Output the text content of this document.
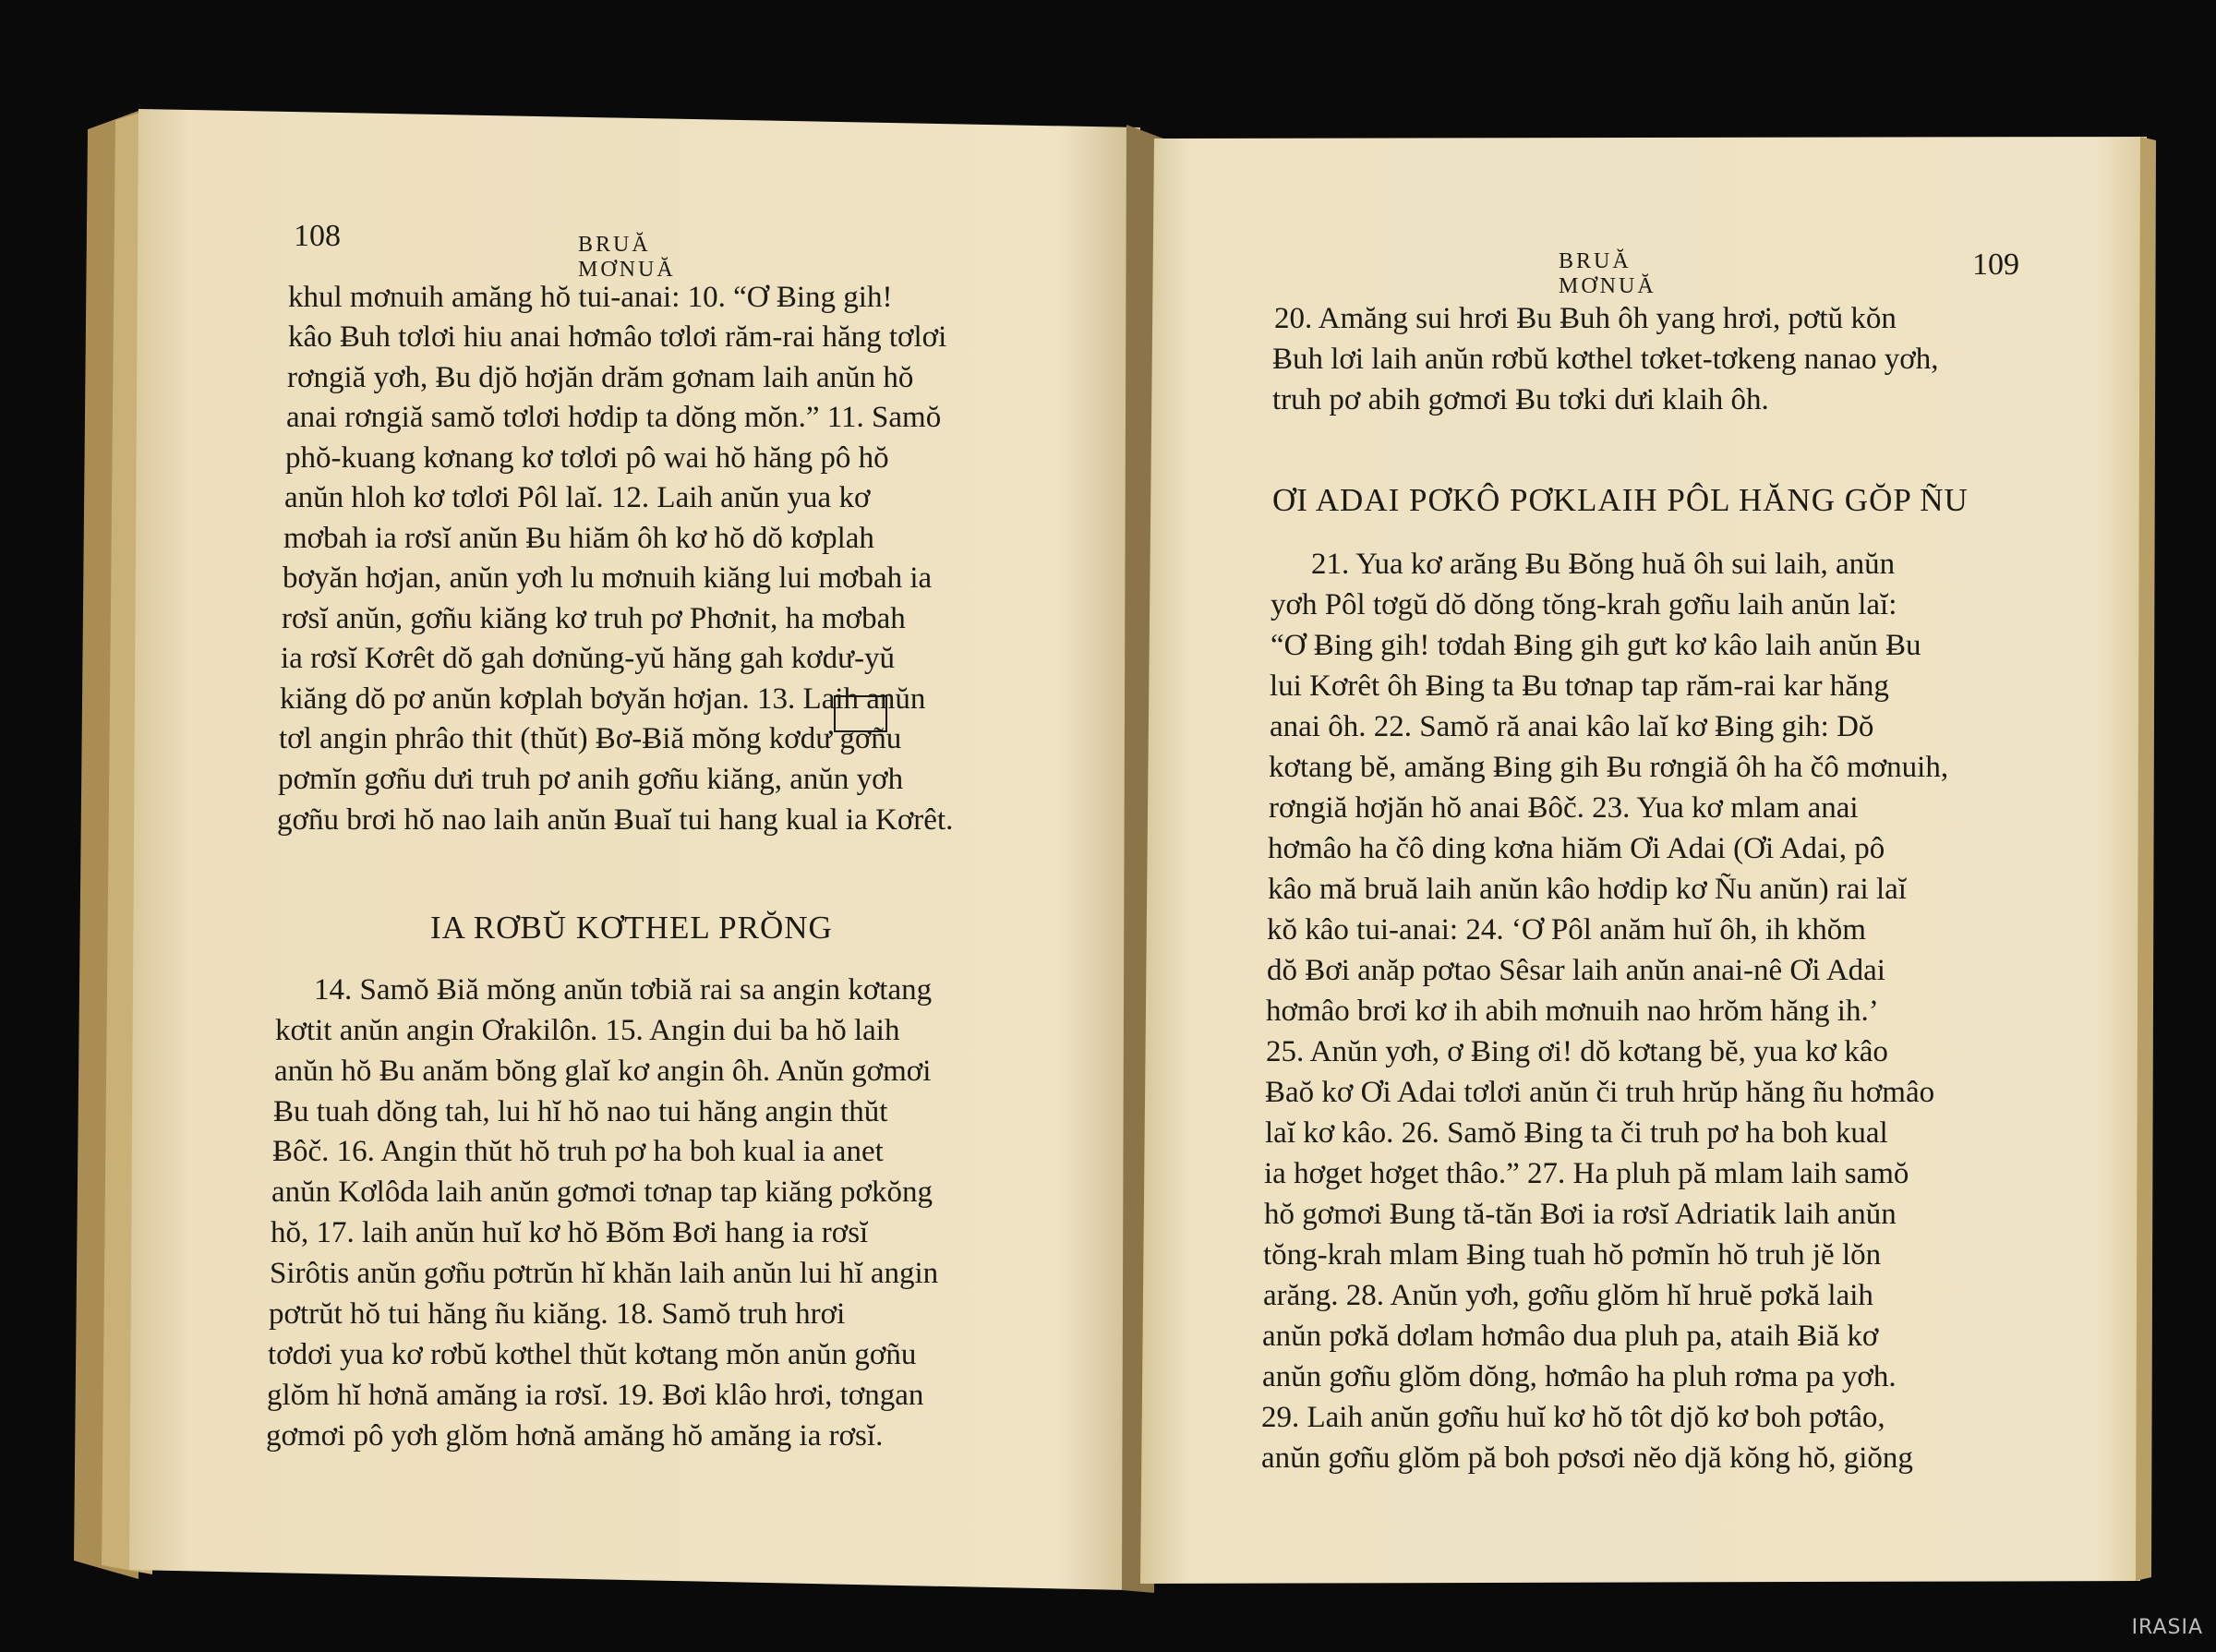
108	BRUĂ MƠNUĂ
khul mơnuih amăng hŏ tui-anai: 10. “Ơ Ƀing gih!
kâo Ƀuh tơlơi hiu anai hơmâo tơlơi răm-rai hăng tơlơi
rơngiă yơh, Ƀu djŏ hơjăn drăm gơnam laih anŭn hŏ
anai rơngiă samŏ tơlơi hơdip ta dŏng mŏn.” 11. Samŏ
phŏ-kuang kơnang kơ tơlơi pô wai hŏ hăng pô hŏ
anŭn hloh kơ tơlơi Pôl laĭ. 12. Laih anŭn yua kơ
mơbah ia rơsĭ anŭn Ƀu hiăm ôh kơ hŏ dŏ kơplah
bơyăn hơjan, anŭn yơh lu mơnuih kiăng lui mơbah ia
rơsĭ anŭn, gơñu kiăng kơ truh pơ Phơnit, ha mơbah
ia rơsĭ Kơrêt dŏ gah dơnŭng-yŭ hăng gah kơdư-yŭ
kiăng dŏ pơ anŭn kơplah bơyăn hơjan. 13. Laih anŭn
tơl angin phrâo thit (thŭt) Ƀơ-Ƀiă mŏng kơdư gơñu
pơmĭn gơñu dưi truh pơ anih gơñu kiăng, anŭn yơh
gơñu brơi hŏ nao laih anŭn Ƀuaĭ tui hang kual ia Kơrêt.
IA RƠBŬ KƠTHEL PRŎNG
14. Samŏ Ƀiă mŏng anŭn tơbiă rai sa angin kơtang
kơtit anŭn angin Ơrakilôn. 15. Angin dui ba hŏ laih
anŭn hŏ Ƀu anăm bŏng glaĭ kơ angin ôh. Anŭn gơmơi
Ƀu tuah dŏng tah, lui hĭ hŏ nao tui hăng angin thŭt
Ƀôč. 16. Angin thŭt hŏ truh pơ ha boh kual ia anet
anŭn Kơlôda laih anŭn gơmơi tơnap tap kiăng pơkŏng
hŏ, 17. laih anŭn huĭ kơ hŏ Ƀŏm Ƀơi hang ia rơsĭ
Sirôtis anŭn gơñu pơtrŭn hĭ khăn laih anŭn lui hĭ angin
pơtrŭt hŏ tui hăng ñu kiăng. 18. Samŏ truh hrơi
tơdơi yua kơ rơbŭ kơthel thŭt kơtang mŏn anŭn gơñu
glŏm hĭ hơnă amăng ia rơsĭ. 19. Ƀơi klâo hrơi, tơngan
gơmơi pô yơh glŏm hơnă amăng hŏ amăng ia rơsĭ.
BRUĂ MƠNUĂ
109
20. Amăng sui hrơi Ƀu Ƀuh ôh yang hrơi, pơtŭ kŏn
Ƀuh lơi laih anŭn rơbŭ kơthel tơket-tơkeng nanao yơh,
truh pơ abih gơmơi Ƀu tơki dưi klaih ôh.
ƠI ADAI PƠKÔ PƠKLAIH PÔL HĂNG GŎP ÑU
21. Yua kơ arăng Ƀu Ƀŏng huă ôh sui laih, anŭn
yơh Pôl tơgŭ dŏ dŏng tŏng-krah gơñu laih anŭn laĭ:
“Ơ Ƀing gih! tơdah Ƀing gih gưt kơ kâo laih anŭn Ƀu
lui Kơrêt ôh Ƀing ta Ƀu tơnap tap răm-rai kar hăng
anai ôh. 22. Samŏ ră anai kâo laĭ kơ Ƀing gih: Dŏ
kơtang bĕ, amăng Ƀing gih Ƀu rơngiă ôh ha čô mơnuih,
rơngiă hơjăn hŏ anai Ƀôč. 23. Yua kơ mlam anai
hơmâo ha čô ding kơna hiăm Ơi Adai (Ơi Adai, pô
kâo mă bruă laih anŭn kâo hơdip kơ Ñu anŭn) rai laĭ
kŏ kâo tui-anai: 24. ‘Ơ Pôl anăm huĭ ôh, ih khŏm
dŏ Ƀơi anăp pơtao Sêsar laih anŭn anai-nê Ơi Adai
hơmâo brơi kơ ih abih mơnuih nao hrŏm hăng ih.’
25. Anŭn yơh, ơ Ƀing ơi! dŏ kơtang bĕ, yua kơ kâo
Ƀaŏ kơ Ơi Adai tơlơi anŭn či truh hrŭp hăng ñu hơmâo
laĭ kơ kâo. 26. Samŏ Ƀing ta či truh pơ ha boh kual
ia hơget hơget thâo.” 27. Ha pluh pă mlam laih samŏ
hŏ gơmơi Ƀung tă-tăn Ƀơi ia rơsĭ Adriatik laih anŭn
tŏng-krah mlam Ƀing tuah hŏ pơmĭn hŏ truh jĕ lŏn
arăng. 28. Anŭn yơh, gơñu glŏm hĭ hruĕ pơkă laih
anŭn pơkă dơlam hơmâo dua pluh pa, ataih Ƀiă kơ
anŭn gơñu glŏm dŏng, hơmâo ha pluh rơma pa yơh.
29. Laih anŭn gơñu huĭ kơ hŏ tôt djŏ kơ boh pơtâo,
anŭn gơñu glŏm pă boh pơsơi nĕo djă kŏng hŏ, giŏng
IRASIA
